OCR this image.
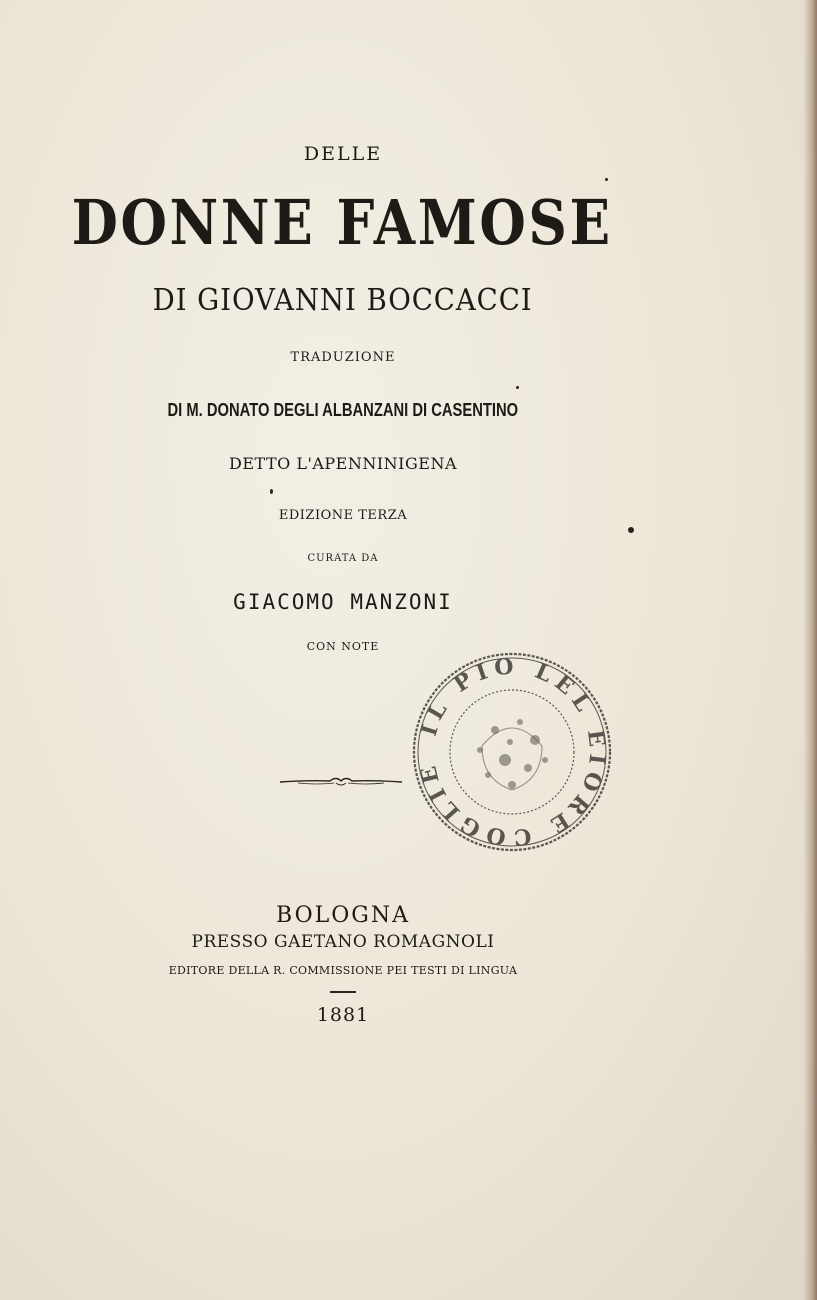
DELLE
DONNE FAMOSE
DI GIOVANNI BOCCACCI
TRADUZIONE
DI M. DONATO DEGLI ALBANZANI DI CASENTINO
DETTO L'APENNINIGENA
EDIZIONE TERZA
CURATA DA
GIACOMO MANZONI
CON NOTE
IL PIO LEL EIORE COGLIE
BOLOGNA
PRESSO GAETANO ROMAGNOLI
EDITORE DELLA R. COMMISSIONE PEI TESTI DI LINGUA
1881
